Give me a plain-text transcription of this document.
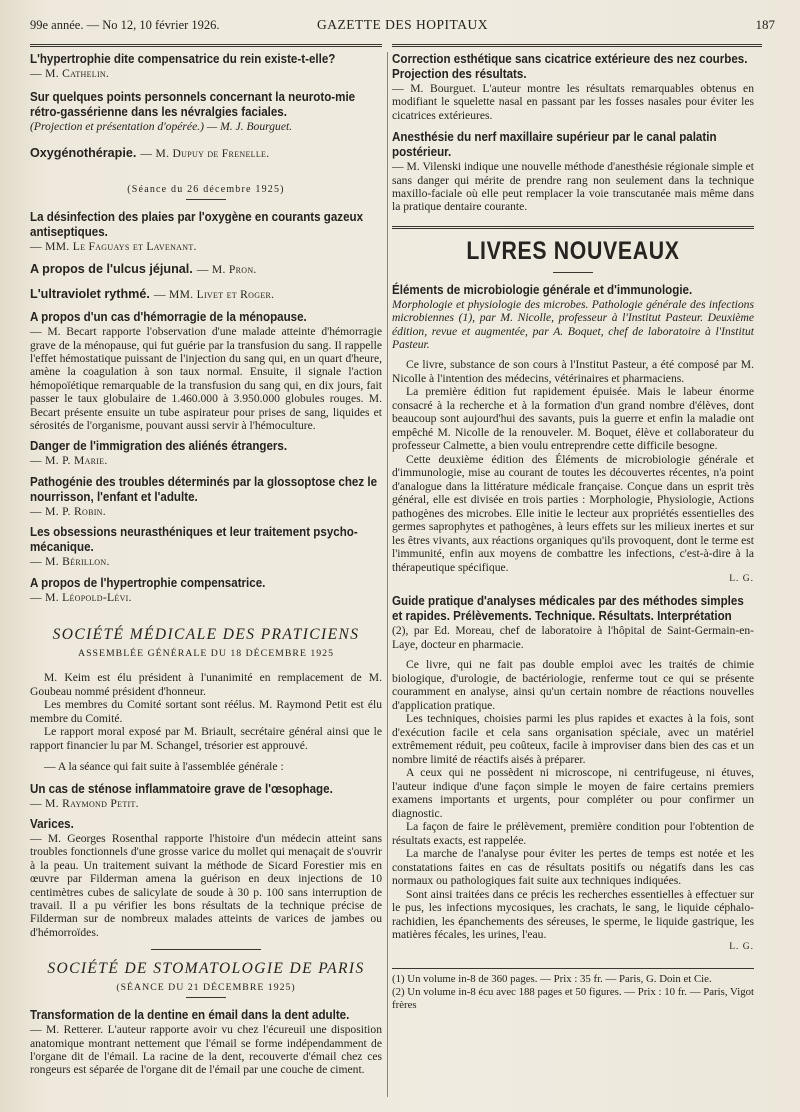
99e année. — No 12, 10 février 1926.	GAZETTE DES HOPITAUX	187
L'hypertrophie dite compensatrice du rein existe-t-elle?
— M. Cathelin.
Sur quelques points personnels concernant la neuroto-mie rétro-gassérienne dans les névralgies faciales.
(Projection et présentation d'opérée.) — M. J. Bourguet.
Oxygénothérapie. — M. Dupuy de Frenelle.
(Séance du 26 décembre 1925)
La désinfection des plaies par l'oxygène en courants gazeux antiseptiques.
— MM. Le Faguays et Lavenant.
A propos de l'ulcus jéjunal. — M. Pron.
L'ultraviolet rythmé. — MM. Livet et Roger.
A propos d'un cas d'hémorragie de la ménopause.
— M. Becart rapporte l'observation d'une malade atteinte d'hémorragie grave de la ménopause, qui fut guérie par la transfusion du sang. Il rappelle l'effet hémostatique puissant de l'injection du sang qui, en un quart d'heure, amène la coagulation à son taux normal. Ensuite, il signale l'action hémopoïétique remarquable de la transfusion du sang qui, en dix jours, fait passer le taux globulaire de 1.460.000 à 3.950.000 globules rouges. M. Becart présente ensuite un tube aspirateur pour prises de sang, liquides et sérosités de l'organisme, pouvant aussi servir à l'hémoculture.
Danger de l'immigration des aliénés étrangers.
— M. P. Marie.
Pathogénie des troubles déterminés par la glossoptose chez le nourrisson, l'enfant et l'adulte.
— M. P. Robin.
Les obsessions neurasthéniques et leur traitement psycho-mécanique.
— M. Bérillon.
A propos de l'hypertrophie compensatrice.
— M. Léopold-Lévi.
SOCIÉTÉ MÉDICALE DES PRATICIENS
ASSEMBLÉE GÉNÉRALE DU 18 DÉCEMBRE 1925
M. Keim est élu président à l'unanimité en remplacement de M. Goubeau nommé président d'honneur.
Les membres du Comité sortant sont réélus. M. Raymond Petit est élu membre du Comité.
Le rapport moral exposé par M. Briault, secrétaire général ainsi que le rapport financier lu par M. Schangel, trésorier est approuvé.
— A la séance qui fait suite à l'assemblée générale :
Un cas de sténose inflammatoire grave de l'œsophage.
— M. Raymond Petit.
Varices.
— M. Georges Rosenthal rapporte l'histoire d'un médecin atteint sans troubles fonctionnels d'une grosse varice du mollet qui menaçait de s'ouvrir à la peau. Un traitement suivant la méthode de Sicard Forestier mis en œuvre par Filderman amena la guérison en deux injections de 10 centimètres cubes de salicylate de soude à 30 p. 100 sans interruption de travail. Il a pu vérifier les bons résultats de la technique précise de Filderman sur de nombreux malades atteints de varices de jambes ou d'hémorroïdes.
SOCIÉTÉ DE STOMATOLOGIE DE PARIS
(SÉANCE DU 21 DÉCEMBRE 1925)
Transformation de la dentine en émail dans la dent adulte.
— M. Retterer. L'auteur rapporte avoir vu chez l'écureuil une disposition anatomique montrant nettement que l'émail se forme indépendamment de l'organe dit de l'émail. La racine de la dent, recouverte d'émail chez ces rongeurs est séparée de l'organe dit de l'émail par une couche de ciment.
Correction esthétique sans cicatrice extérieure des nez courbes. Projection des résultats.
— M. Bourguet. L'auteur montre les résultats remarquables obtenus en modifiant le squelette nasal en passant par les fosses nasales pour éviter les cicatrices extérieures.
Anesthésie du nerf maxillaire supérieur par le canal palatin postérieur.
— M. Vilenski indique une nouvelle méthode d'anesthésie régionale simple et sans danger qui mérite de prendre rang non seulement dans la technique maxillo-faciale où elle peut remplacer la voie transcutanée mais même dans la pratique dentaire courante.
LIVRES NOUVEAUX
Éléments de microbiologie générale et d'immunologie.
Morphologie et physiologie des microbes. Pathologie générale des infections microbiennes (1), par M. Nicolle, professeur à l'Institut Pasteur. Deuxième édition, revue et augmentée, par A. Boquet, chef de laboratoire à l'Institut Pasteur.
Ce livre, substance de son cours à l'Institut Pasteur, a été composé par M. Nicolle à l'intention des médecins, vétérinaires et pharmaciens.
La première édition fut rapidement épuisée. Mais le labeur énorme consacré à la recherche et à la formation d'un grand nombre d'élèves, dont beaucoup sont aujourd'hui des savants, puis la guerre et enfin la maladie ont empêché M. Nicolle de la renouveler. M. Boquet, élève et collaborateur du professeur Calmette, a bien voulu entreprendre cette difficile besogne.
Cette deuxième édition des Éléments de microbiologie générale et d'immunologie, mise au courant de toutes les découvertes récentes, n'a point d'analogue dans la littérature médicale française. Conçue dans un esprit très général, elle est divisée en trois parties : Morphologie, Physiologie, Actions pathogènes des microbes. Elle initie le lecteur aux propriétés essentielles des germes saprophytes et pathogènes, à leurs effets sur les milieux inertes et sur les êtres vivants, aux réactions organiques qu'ils provoquent, dont le terme est l'immunité, enfin aux moyens de combattre les infections, c'est-à-dire à la thérapeutique spécifique.
L. G.
Guide pratique d'analyses médicales par des méthodes simples et rapides. Prélèvements. Technique. Résultats. Interprétation
(2), par Ed. Moreau, chef de laboratoire à l'hôpital de Saint-Germain-en-Laye, docteur en pharmacie.
Ce livre, qui ne fait pas double emploi avec les traités de chimie biologique, d'urologie, de bactériologie, renferme tout ce qui se présente couramment en analyse, ainsi qu'un certain nombre de réactions nouvelles d'application pratique.
Les techniques, choisies parmi les plus rapides et exactes à la fois, sont d'exécution facile et cela sans organisation spéciale, avec un matériel extrêmement réduit, peu coûteux, facile à improviser dans bien des cas et un nombre limité de réactifs aisés à préparer.
A ceux qui ne possèdent ni microscope, ni centrifugeuse, ni étuves, l'auteur indique d'une façon simple le moyen de faire certains premiers examens importants et urgents, pour compléter ou pour confirmer un diagnostic.
La façon de faire le prélèvement, première condition pour l'obtention de résultats exacts, est rappelée.
La marche de l'analyse pour éviter les pertes de temps est notée et les constatations faites en cas de résultats positifs ou négatifs dans les cas normaux ou pathologiques fait suite aux techniques indiquées.
Sont ainsi traitées dans ce précis les recherches essentielles à effectuer sur le pus, les infections mycosiques, les crachats, le sang, le liquide céphalo-rachidien, les épanchements des séreuses, le sperme, le liquide gastrique, les matières fécales, les urines, l'eau.
L. G.
(1) Un volume in-8 de 360 pages. — Prix : 35 fr. — Paris, G. Doin et Cie.
(2) Un volume in-8 écu avec 188 pages et 50 figures. — Prix : 10 fr. — Paris, Vigot frères
